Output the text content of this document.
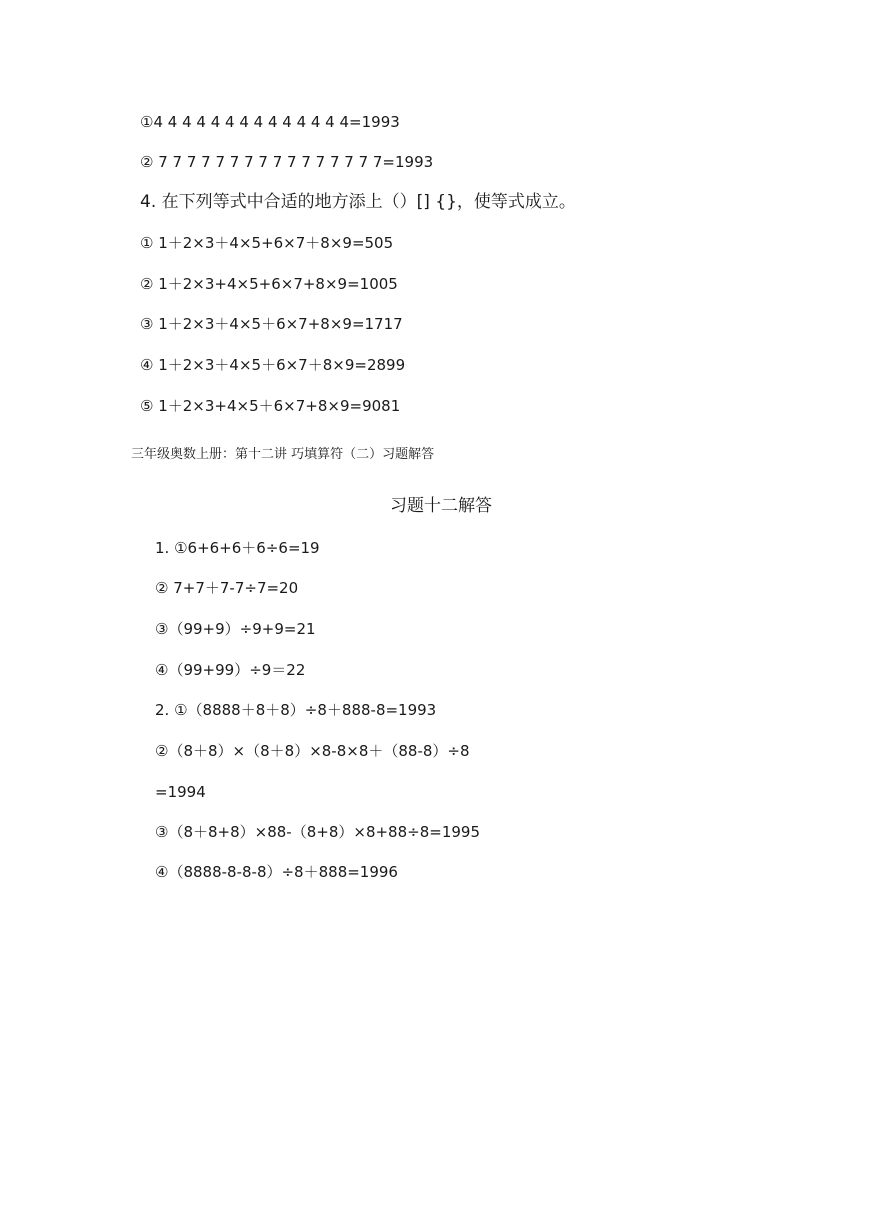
①4 4 4 4 4 4 4 4 4 4 4 4 4 4=1993
② 7 7 7 7 7 7 7 7 7 7 7 7 7 7 7 7=1993
4. 在下列等式中合适的地方添上（）[] {}，使等式成立。
① 1＋2×3＋4×5+6×7＋8×9=505
② 1＋2×3+4×5+6×7+8×9=1005
③ 1＋2×3＋4×5＋6×7+8×9=1717
④ 1＋2×3＋4×5＋6×7＋8×9=2899
⑤ 1＋2×3+4×5＋6×7+8×9=9081
三年级奥数上册：第十二讲 巧填算符（二）习题解答
习题十二解答
1. ①6+6+6＋6÷6=19
② 7+7＋7-7÷7=20
③（99+9）÷9+9=21
④（99+99）÷9＝22
2. ①（8888＋8＋8）÷8＋888-8=1993
②（8＋8）×（8＋8）×8-8×8＋（88-8）÷8
=1994
③（8＋8+8）×88-（8+8）×8+88÷8=1995
④（8888-8-8-8）÷8＋888=1996
